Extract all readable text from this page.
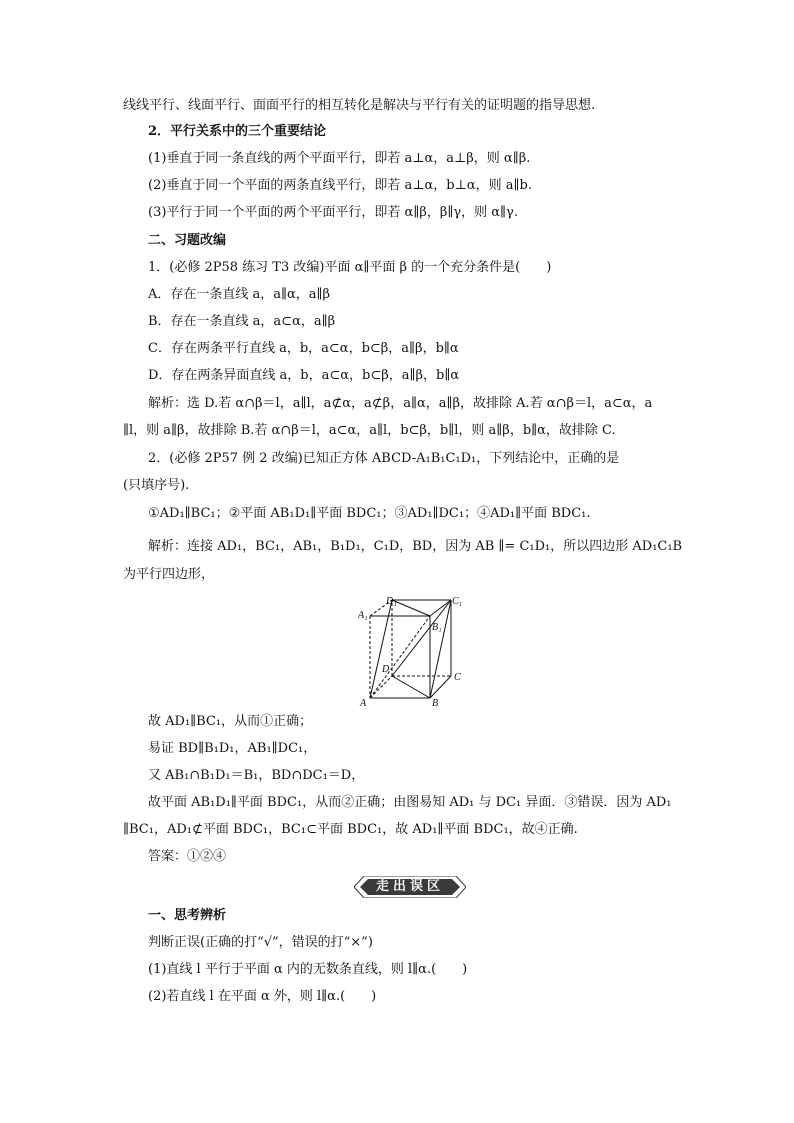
线线平行、线面平行、面面平行的相互转化是解决与平行有关的证明题的指导思想.
2．平行关系中的三个重要结论
(1)垂直于同一条直线的两个平面平行，即若 a⊥α，a⊥β，则 α∥β.
(2)垂直于同一个平面的两条直线平行，即若 a⊥α，b⊥α，则 a∥b.
(3)平行于同一个平面的两个平面平行，即若 α∥β，β∥γ，则 α∥γ.
二、习题改编
1．(必修 2P58 练习 T3 改编)平面 α∥平面 β 的一个充分条件是(　　)
A．存在一条直线 a，a∥α，a∥β
B．存在一条直线 a，a⊂α，a∥β
C．存在两条平行直线 a，b，a⊂α，b⊂β，a∥β，b∥α
D．存在两条异面直线 a，b，a⊂α，b⊂β，a∥β，b∥α
解析：选 D.若 α∩β＝l，a∥l，a⊄α，a⊄β，a∥α，a∥β，故排除 A.若 α∩β＝l，a⊂α，a
∥l，则 a∥β，故排除 B.若 α∩β＝l，a⊂α，a∥l，b⊂β，b∥l，则 a∥β，b∥α，故排除 C.
2．(必修 2P57 例 2 改编)已知正方体 ABCD-A₁B₁C₁D₁，下列结论中，正确的是
(只填序号).
①AD₁∥BC₁；②平面 AB₁D₁∥平面 BDC₁；③AD₁∥DC₁；④AD₁∥平面 BDC₁.
解析：连接 AD₁，BC₁，AB₁，B₁D₁，C₁D，BD，因为 AB ∥= C₁D₁，所以四边形 AD₁C₁B
为平行四边形，
A	B
C
D
A₁
B₁
C₁
D₁
故 AD₁∥BC₁，从而①正确；
易证 BD∥B₁D₁，AB₁∥DC₁，
又 AB₁∩B₁D₁＝B₁，BD∩DC₁＝D，
故平面 AB₁D₁∥平面 BDC₁，从而②正确；由图易知 AD₁ 与 DC₁ 异面．③错误．因为 AD₁
∥BC₁，AD₁⊄平面 BDC₁，BC₁⊂平面 BDC₁，故 AD₁∥平面 BDC₁，故④正确.
答案：①②④
走出误区
一、思考辨析
判断正误(正确的打“√”，错误的打“×”)
(1)直线 l 平行于平面 α 内的无数条直线，则 l∥α.(　　)
(2)若直线 l 在平面 α 外，则 l∥α.(　　)
